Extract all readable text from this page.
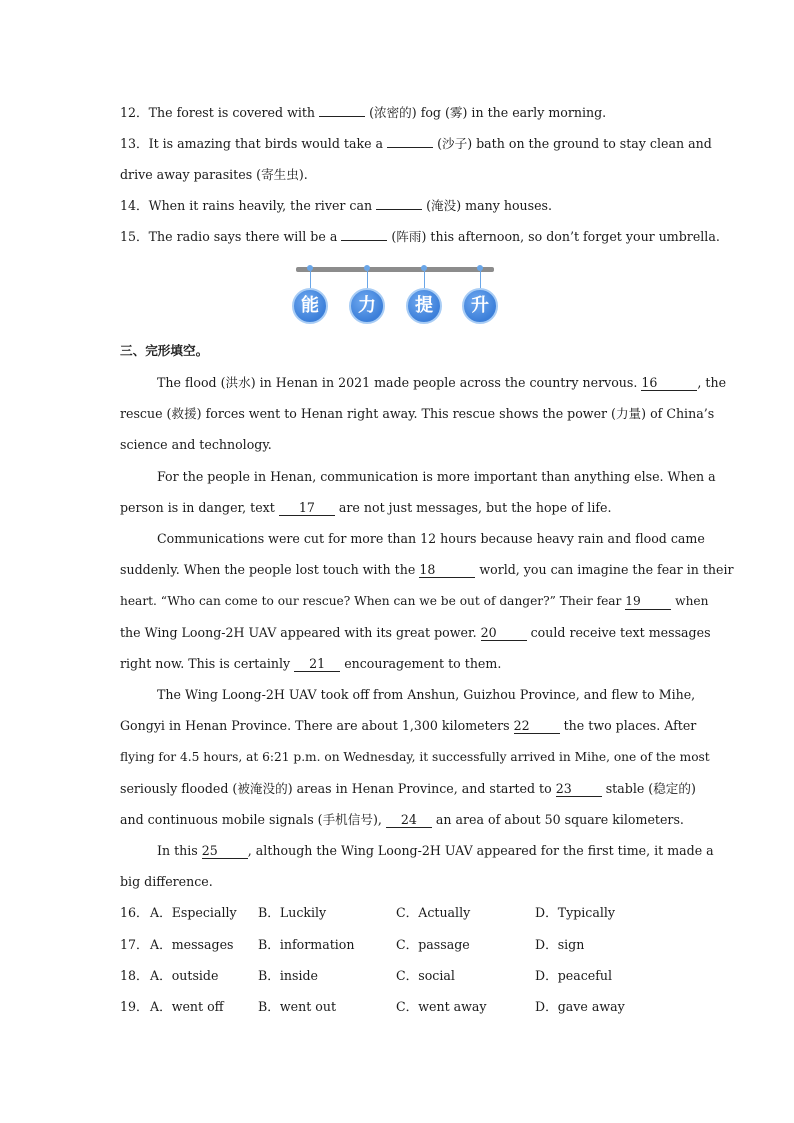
12．The forest is covered with	(浓密的) fog (雾) in the early morning.
13．It is amazing that birds would take a	(沙子) bath on the ground to stay clean and
drive away parasites (寄生虫).
14．When it rains heavily, the river can	(淹没) many houses.
15．The radio says there will be a	(阵雨) this afternoon, so don’t forget your umbrella.
能	力	提	升
三、完形填空。
The flood (洪水) in Henan in 2021 made people across the country nervous. 16	, the
rescue (救援) forces went to Henan right away. This rescue shows the power (力量) of China’s
science and technology.
For the people in Henan, communication is more important than anything else. When a
person is in danger, text 17 are not just messages, but the hope of life.
Communications were cut for more than 12 hours because heavy rain and flood came
suddenly. When the people lost touch with the 18	world, you can imagine the fear in their
heart. “Who can come to our rescue? When can we be out of danger?” Their fear 19	when
the Wing Loong-2H UAV appeared with its great power. 20	could receive text messages
right now. This is certainly 21 encouragement to them.
The Wing Loong-2H UAV took off from Anshun, Guizhou Province, and flew to Mihe,
Gongyi in Henan Province. There are about 1,300 kilometers 22	the two places. After
flying for 4.5 hours, at 6:21 p.m. on Wednesday, it successfully arrived in Mihe, one of the most
seriously flooded (被淹没的) areas in Henan Province, and started to 23	stable (稳定的)
and continuous mobile signals (手机信号), 24 an area of about 50 square kilometers.
In this 25 , although the Wing Loong-2H UAV appeared for the first time, it made a
big difference.
16． A．Especially B．Luckily	C．Actually	D．Typically
17． A．messages B．information	C．passage	D．sign
18． A．outside	B．inside	C．social	D．peaceful
19． A．went off	B．went out	C．went away	D．gave away
